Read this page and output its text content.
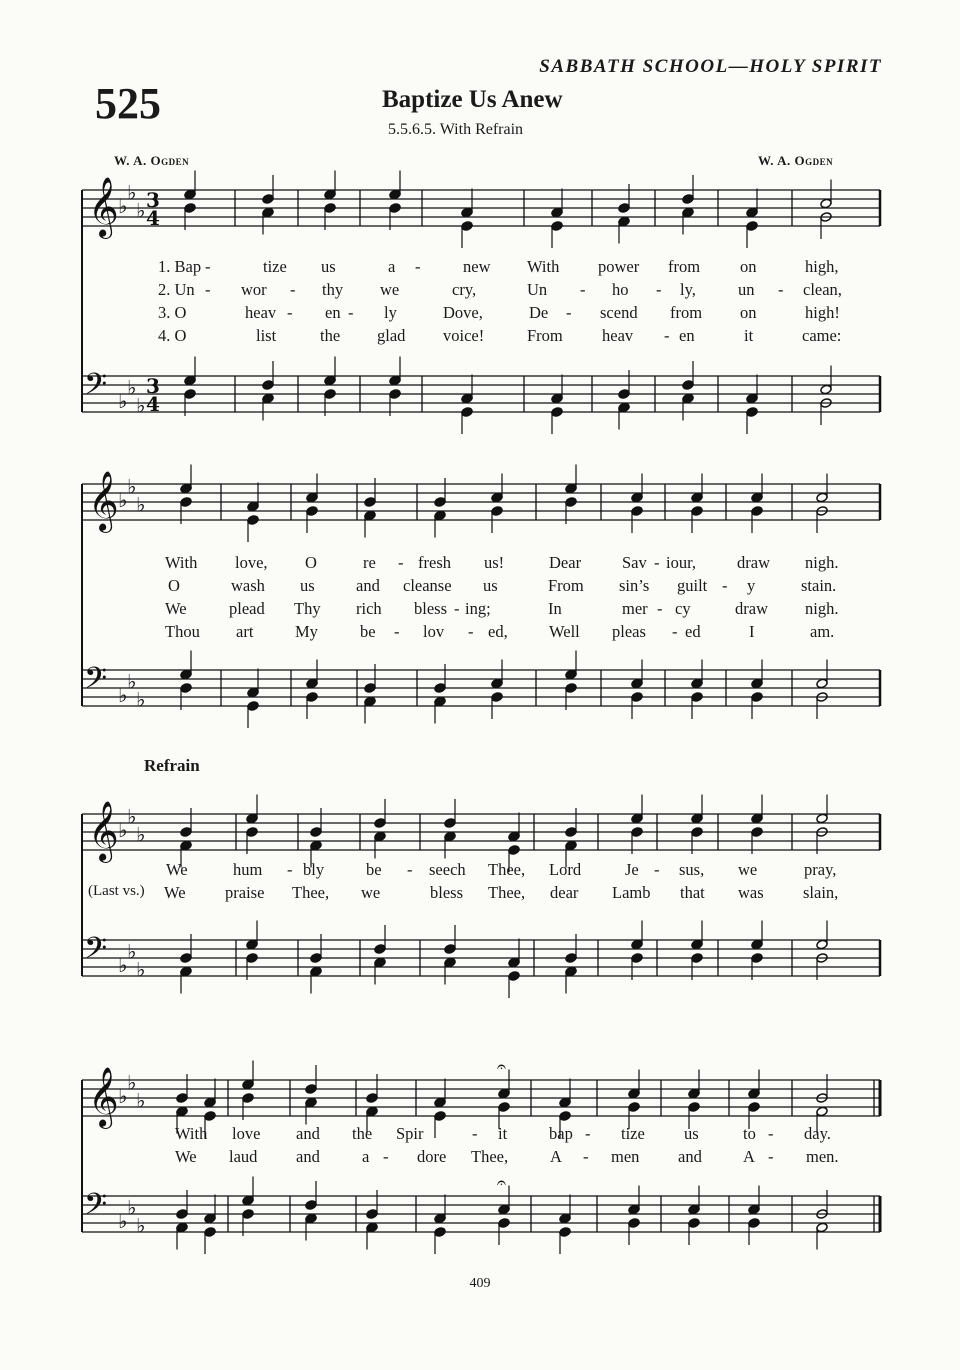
SABBATH SCHOOL—HOLY SPIRIT
525	Baptize Us Anew
5.5.6.5. With Refrain
W. A. Ogden	W. A. Ogden
𝄞 ♭
♭
♭ 3
4
𝄢 ♭
♭
♭
3
4
𝄞 ♭
♭
♭
𝄢 ♭
♭
♭
𝄞 ♭
♭
♭
𝄢 ♭
♭
♭
𝄞 ♭
♭
♭
𝄢 ♭
♭
♭
𝄐
𝄐
1. Bap -	tize us	a -	new With power from on	high,
2. Un - wor - thy we	cry,	Un - ho - ly,	un - clean,
3. O	heav - en - ly	Dove,	De - scend from on	high!
4. O	list	the glad voice!	From heav - en	it	came:
With love, O	re - fresh us!	Dear Sav - iour, draw nigh.
O	wash us	and cleanse us	From sin’s guilt - y	stain.
We	plead Thy rich bless - ing;	In	mer - cy	draw nigh.
Thou art	My	be - lov - ed,	Well pleas - ed	I	am.
We	hum - bly	be - seech Thee, Lord	Je - sus, we	pray,
(Last vs.) We praise Thee, we	bless Thee, dear Lamb that was slain,
With love and the Spir	- it	bap - tize us	to - day.
We laud and	a - dore Thee,	A - men and A - men.
Refrain
409
